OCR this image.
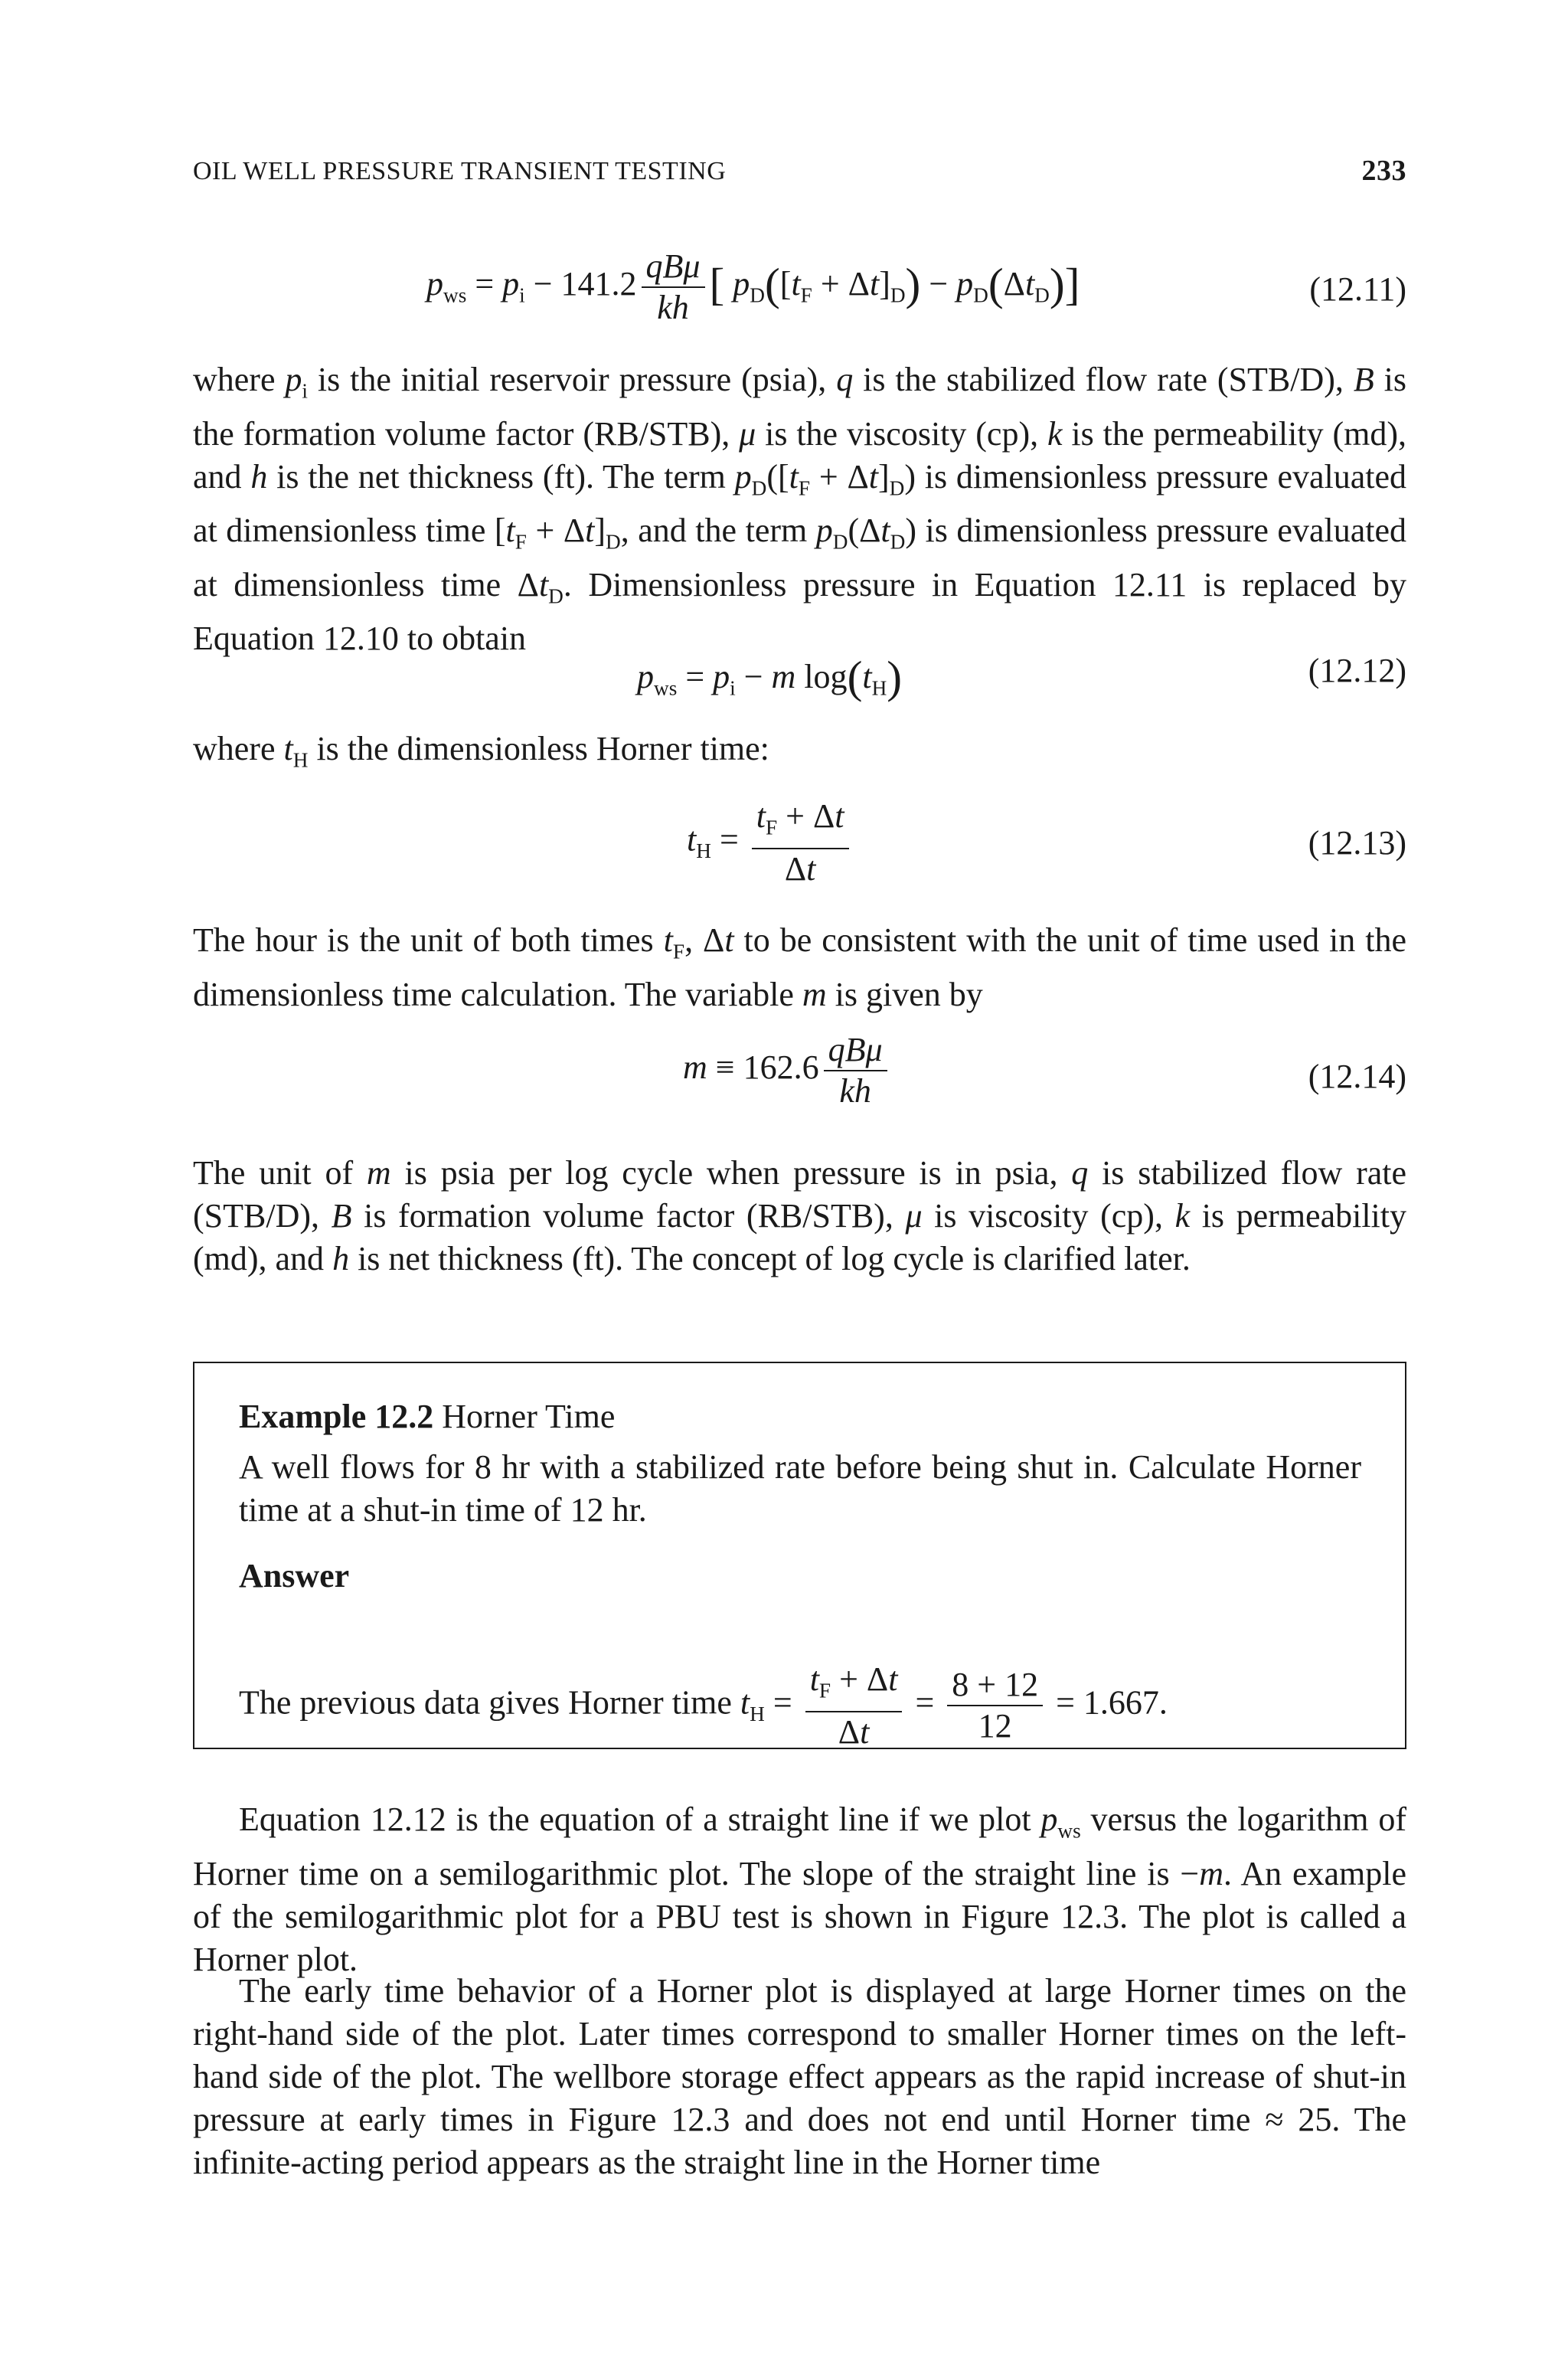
OIL WELL PRESSURE TRANSIENT TESTING	233
$p_{ws} = p_i - 141.2 \frac{\text{qBμ}}{kh}$ [ $p_D([t_F + \Delta t]_D) - p_D(\Delta t_D)$]	(12.11)

where $p_i$ is the initial reservoir pressure (psia), q is the stabilized flow rate (STB/D), B is the formation volume factor (RB/STB), μ is the viscosity (cp), k is the permeability (md), and h is the net thickness (ft). The term $p_D([t_F + \Delta t]_D)$ is dimensionless pressure evaluated at dimensionless time $[t_F + \Delta t]_D$, and the term $p_D(\Delta t_D)$ is dimensionless pressure evaluated at dimensionless time $\Delta t_D$. Dimensionless pressure in Equation 12.11 is replaced by Equation 12.10 to obtain

$p_{ws} = p_i - m$ $\log(t_H)$	(12.12)

where $t_H$ is the dimensionless Horner time:

$t_H = \frac{t_F + \Delta t}{\Delta t}$	(12.13)

The hour is the unit of both times $t_F$, Δt to be consistent with the unit of time used in the dimensionless time calculation. The variable m is given by

$m \equiv 162.6 \frac{\text{qBμ}}{kh}$	(12.14)

The unit of m is psia per log cycle when pressure is in psia, q is stabilized flow rate (STB/D), B is formation volume factor (RB/STB), μ is viscosity (cp), k is permeability (md), and h is net thickness (ft). The concept of log cycle is clarified later.

Example 12.2 Horner Time

A well flows for 8 hr with a stabilized rate before being shut in. Calculate Horner time at a shut-in time of 12 hr.

Answer

The previous data gives Horner time $t_H = \frac{t_F + \Delta t}{\Delta t} = \frac{8 + 12}{12} = 1.667$.

Equation 12.12 is the equation of a straight line if we plot $p_{ws}$ versus the logarithm of Horner time on a semilogarithmic plot. The slope of the straight line is −m. An example of the semilogarithmic plot for a PBU test is shown in Figure 12.3. The plot is called a Horner plot.

The early time behavior of a Horner plot is displayed at large Horner times on the right-hand side of the plot. Later times correspond to smaller Horner times on the left-hand side of the plot. The wellbore storage effect appears as the rapid increase of shut-in pressure at early times in Figure 12.3 and does not end until Horner time ≈ 25. The infinite-acting period appears as the straight line in the Horner time
